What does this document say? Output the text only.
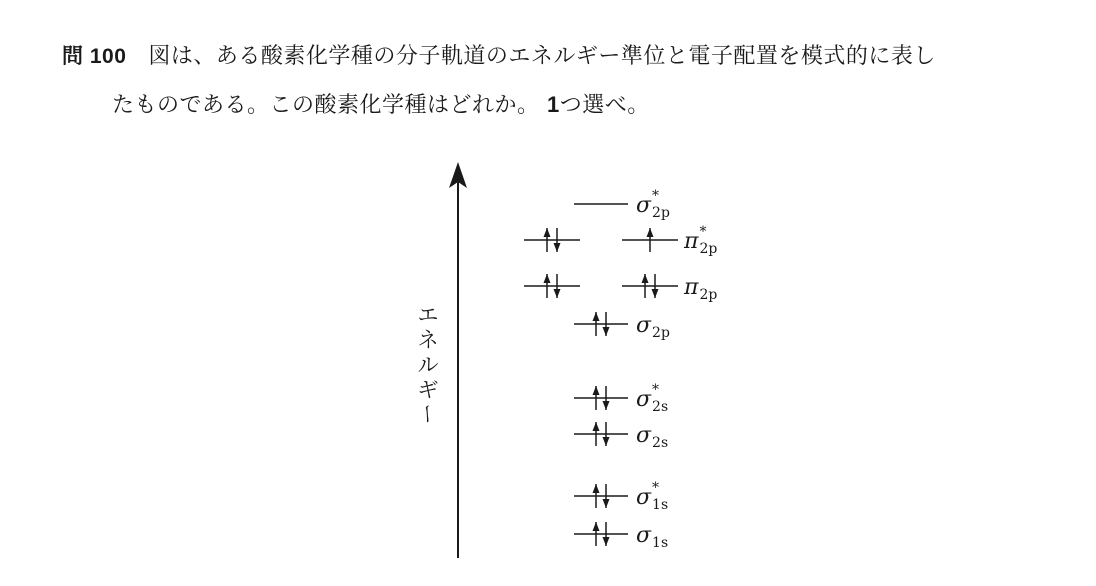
問 100 図は、ある酸素化学種の分子軌道のエネルギー準位と電子配置を模式的に表し
たものである。この酸素化学種はどれか。 1つ選べ。
エ
ネ
ル
ギ
ー
σ* 2p
π* 2p
π2p
σ2p
σ* 2s
σ2s
σ* 1s
σ1s
